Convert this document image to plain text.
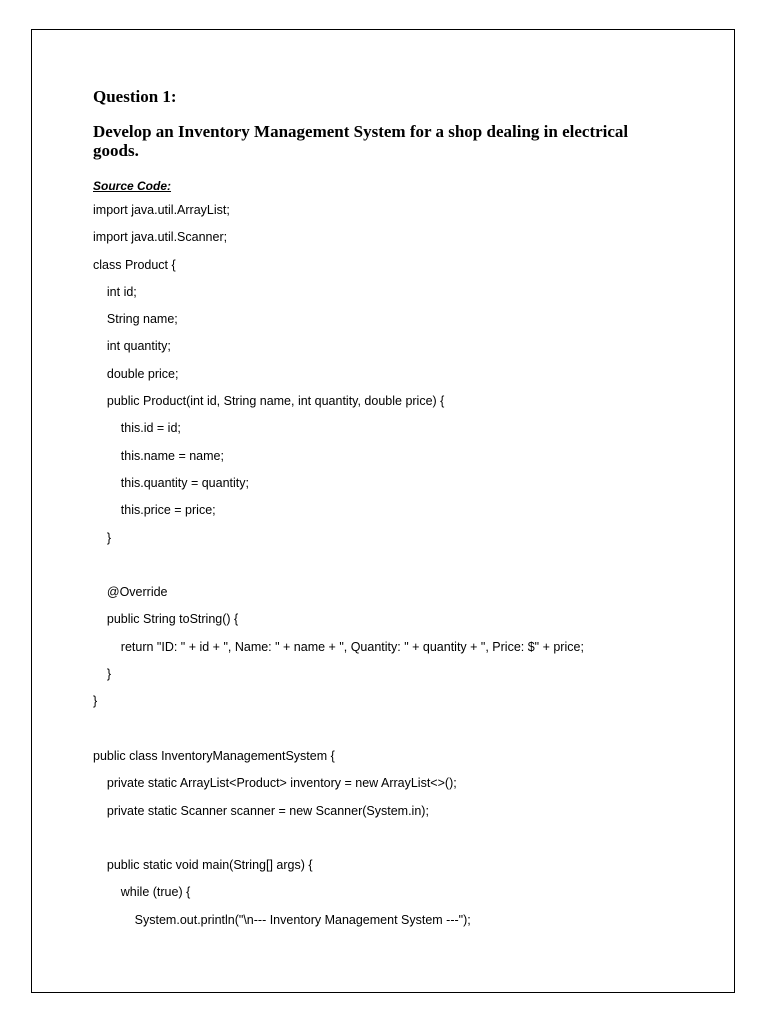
Question 1:
Develop an Inventory Management System for a shop dealing in electrical goods.
Source Code:
import java.util.ArrayList;
import java.util.Scanner;
class Product {
int id;
String name;
int quantity;
double price;
public Product(int id, String name, int quantity, double price) {
this.id = id;
this.name = name;
this.quantity = quantity;
this.price = price;
}
@Override
public String toString() {
return "ID: " + id + ", Name: " + name + ", Quantity: " + quantity + ", Price: $" + price;
}
}
public class InventoryManagementSystem {
private static ArrayList<Product> inventory = new ArrayList<>();
private static Scanner scanner = new Scanner(System.in);
public static void main(String[] args) {
while (true) {
System.out.println("\n--- Inventory Management System ---");
